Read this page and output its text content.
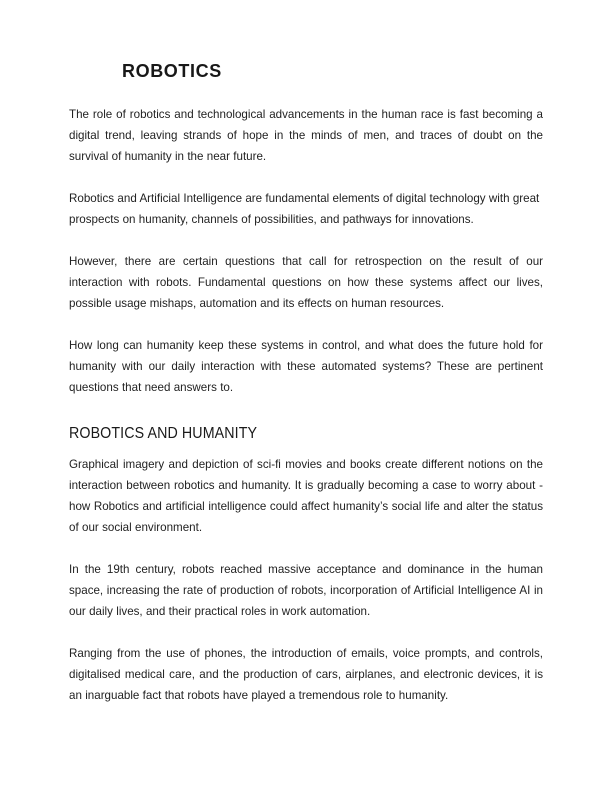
ROBOTICS

The role of robotics and technological advancements in the human race is fast becoming a digital trend, leaving strands of hope in the minds of men, and traces of doubt on the survival of humanity in the near future.

Robotics and Artificial Intelligence are fundamental elements of digital technology with great prospects on humanity, channels of possibilities, and pathways for innovations.

However, there are certain questions that call for retrospection on the result of our interaction with robots. Fundamental questions on how these systems affect our lives, possible usage mishaps, automation and its effects on human resources.

How long can humanity keep these systems in control, and what does the future hold for humanity with our daily interaction with these automated systems? These are pertinent questions that need answers to.

ROBOTICS AND HUMANITY

Graphical imagery and depiction of sci-fi movies and books create different notions on the interaction between robotics and humanity. It is gradually becoming a case to worry about - how Robotics and artificial intelligence could affect humanity’s social life and alter the status of our social environment.

In the 19th century, robots reached massive acceptance and dominance in the human space, increasing the rate of production of robots, incorporation of Artificial Intelligence AI in our daily lives, and their practical roles in work automation.

Ranging from the use of phones, the introduction of emails, voice prompts, and controls, digitalised medical care, and the production of cars, airplanes, and electronic devices, it is an inarguable fact that robots have played a tremendous role to humanity.
